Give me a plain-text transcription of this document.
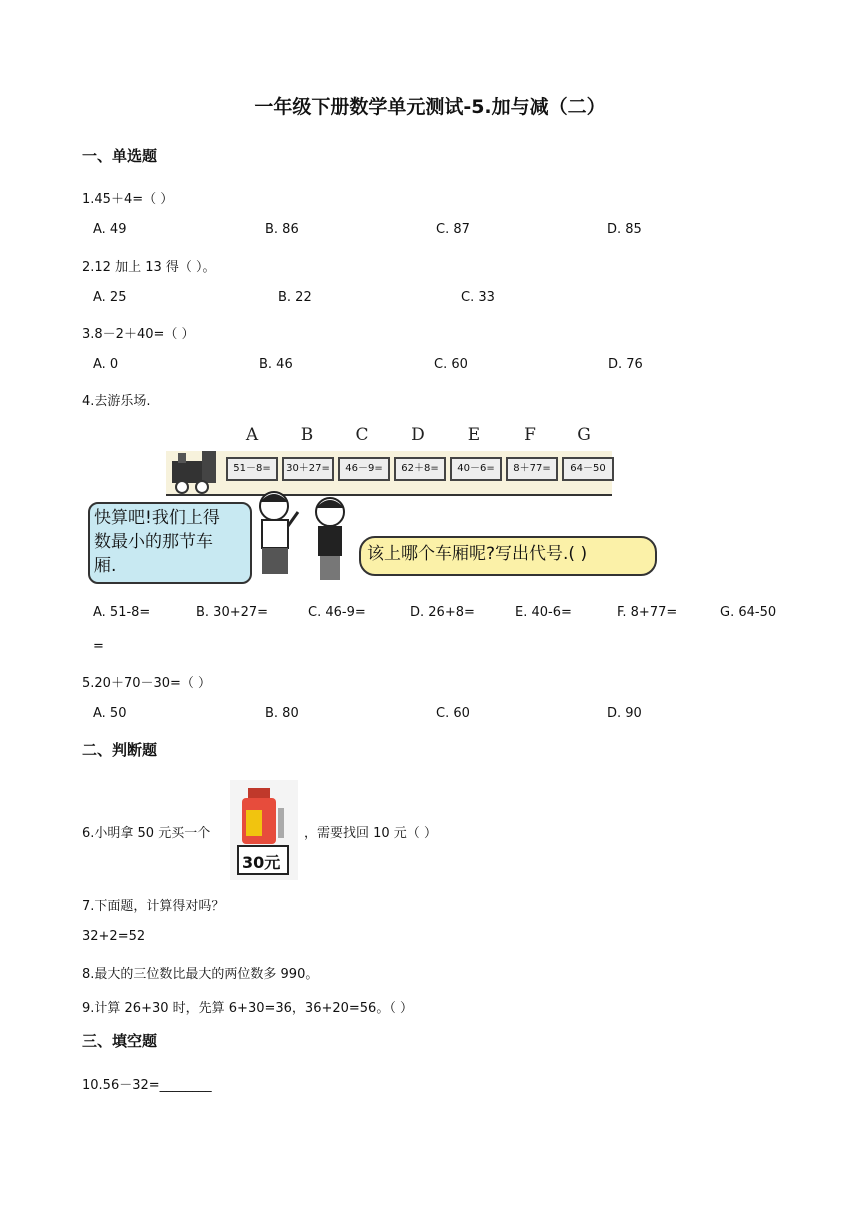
一年级下册数学单元测试-5.加与减（二）
一、单选题
1.45＋4=（ ）
A. 49	B. 86	C. 87	D. 85
2.12 加上 13 得（ ）。
A. 25	B. 22	C. 33
3.8－2＋40=（ ）
A. 0	B. 46	C. 60	D. 76
4.去游乐场.
A	B C	D	E	F G
51－8=	30＋27=	46－9=	62＋8=	40－6=	8＋77=	64－50
快算吧!我们上得
数最小的那节车
厢.
该上哪个车厢呢?写出代号.( )
A. 51-8=	B. 30+27=	C. 46-9=	D. 26+8=	E. 40-6=	F. 8+77=	G. 64-50
=
5.20＋70－30=（ ）
A. 50	B. 80	C. 60	D. 90
二、判断题
6.小明拿 50 元买一个
30元
，需要找回 10 元（ ）
7.下面题，计算得对吗？
32+2=52
8.最大的三位数比最大的两位数多 990。
9.计算 26+30 时，先算 6+30=36，36+20=56。（ ）
三、填空题
10.56－32=________
